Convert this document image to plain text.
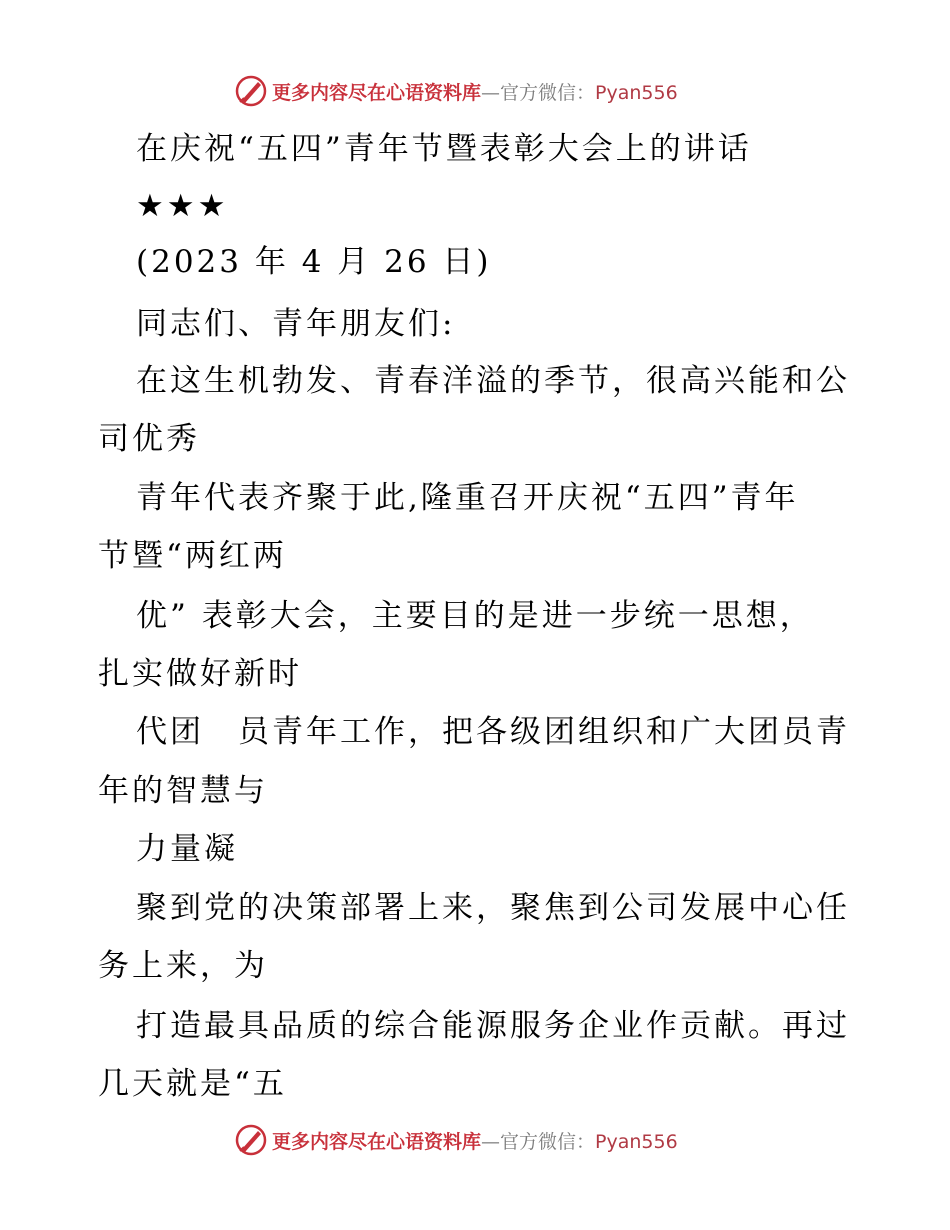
更多内容尽在心语资料库—官方微信：Pyan556
在庆祝“五四”青年节暨表彰大会上的讲话
★★★
(2023 年 4 月 26 日)
同志们、青年朋友们:
在这生机勃发、青春洋溢的季节，很高兴能和公
司优秀
青年代表齐聚于此,隆重召开庆祝“五四”青年
节暨“两红两
优” 表彰大会，主要目的是进一步统一思想，
扎实做好新时
代团　员青年工作，把各级团组织和广大团员青
年的智慧与
力量凝
聚到党的决策部署上来，聚焦到公司发展中心任
务上来，为
打造最具品质的综合能源服务企业作贡献。再过
几天就是“五
更多内容尽在心语资料库—官方微信：Pyan556
